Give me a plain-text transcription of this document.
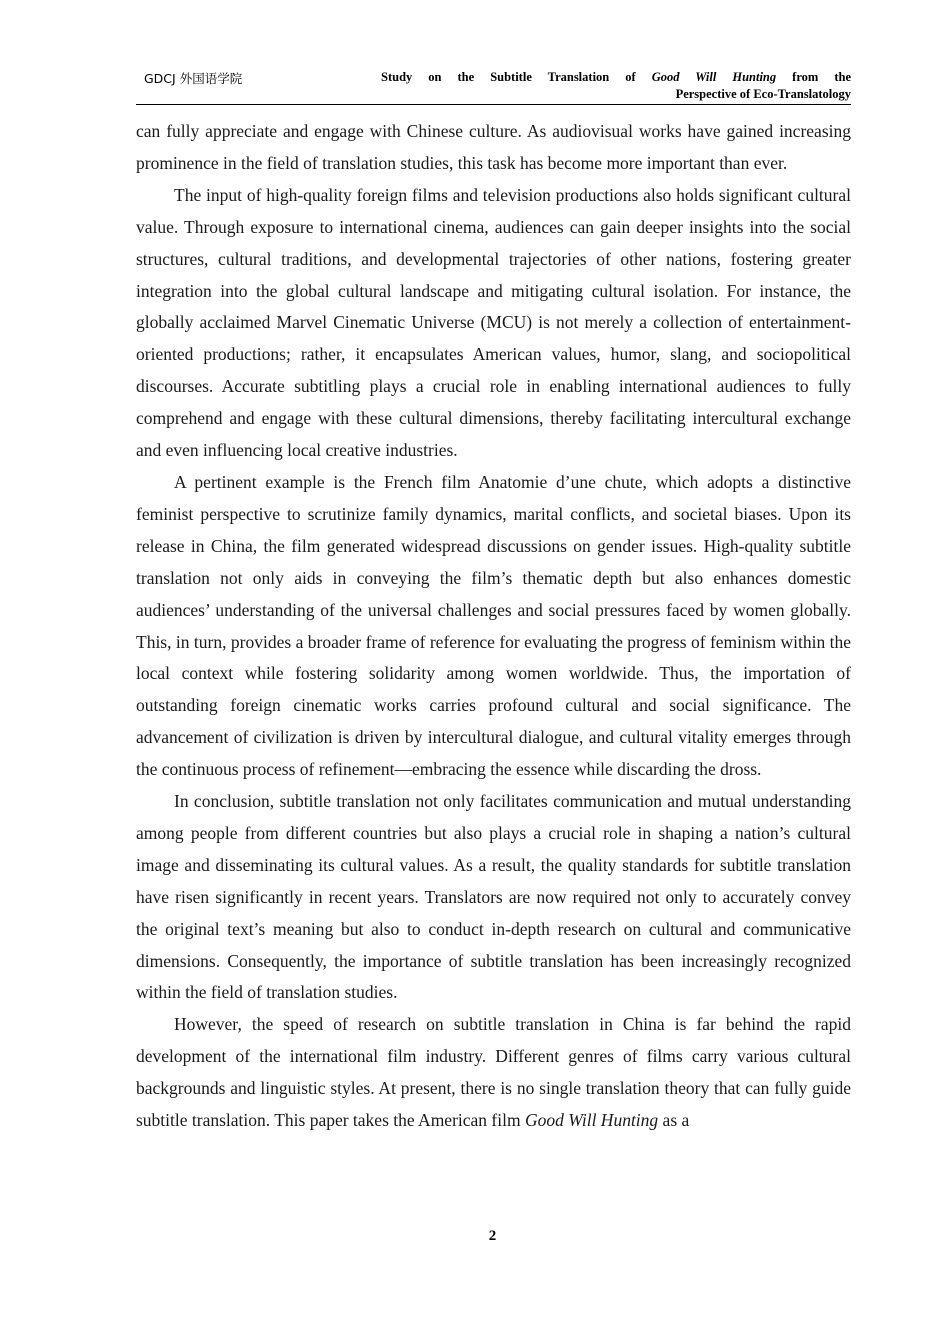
GDCJ 外国语学院	Study on the Subtitle Translation of Good Will Hunting from the
Perspective of Eco-Translatology

can fully appreciate and engage with Chinese culture. As audiovisual works have gained increasing prominence in the field of translation studies, this task has become more important than ever.

The input of high-quality foreign films and television productions also holds significant cultural value. Through exposure to international cinema, audiences can gain deeper insights into the social structures, cultural traditions, and developmental trajectories of other nations, fostering greater integration into the global cultural landscape and mitigating cultural isolation. For instance, the globally acclaimed Marvel Cinematic Universe (MCU) is not merely a collection of entertainment-oriented productions; rather, it encapsulates American values, humor, slang, and sociopolitical discourses. Accurate subtitling plays a crucial role in enabling international audiences to fully comprehend and engage with these cultural dimensions, thereby facilitating intercultural exchange and even influencing local creative industries.

A pertinent example is the French film Anatomie d’une chute, which adopts a distinctive feminist perspective to scrutinize family dynamics, marital conflicts, and societal biases. Upon its release in China, the film generated widespread discussions on gender issues. High-quality subtitle translation not only aids in conveying the film’s thematic depth but also enhances domestic audiences’ understanding of the universal challenges and social pressures faced by women globally. This, in turn, provides a broader frame of reference for evaluating the progress of feminism within the local context while fostering solidarity among women worldwide. Thus, the importation of outstanding foreign cinematic works carries profound cultural and social significance. The advancement of civilization is driven by intercultural dialogue, and cultural vitality emerges through the continuous process of refinement—embracing the essence while discarding the dross.

In conclusion, subtitle translation not only facilitates communication and mutual understanding among people from different countries but also plays a crucial role in shaping a nation’s cultural image and disseminating its cultural values. As a result, the quality standards for subtitle translation have risen significantly in recent years. Translators are now required not only to accurately convey the original text’s meaning but also to conduct in-depth research on cultural and communicative dimensions. Consequently, the importance of subtitle translation has been increasingly recognized within the field of translation studies.

However, the speed of research on subtitle translation in China is far behind the rapid development of the international film industry. Different genres of films carry various cultural backgrounds and linguistic styles. At present, there is no single translation theory that can fully guide subtitle translation. This paper takes the American film Good Will Hunting as a

2
